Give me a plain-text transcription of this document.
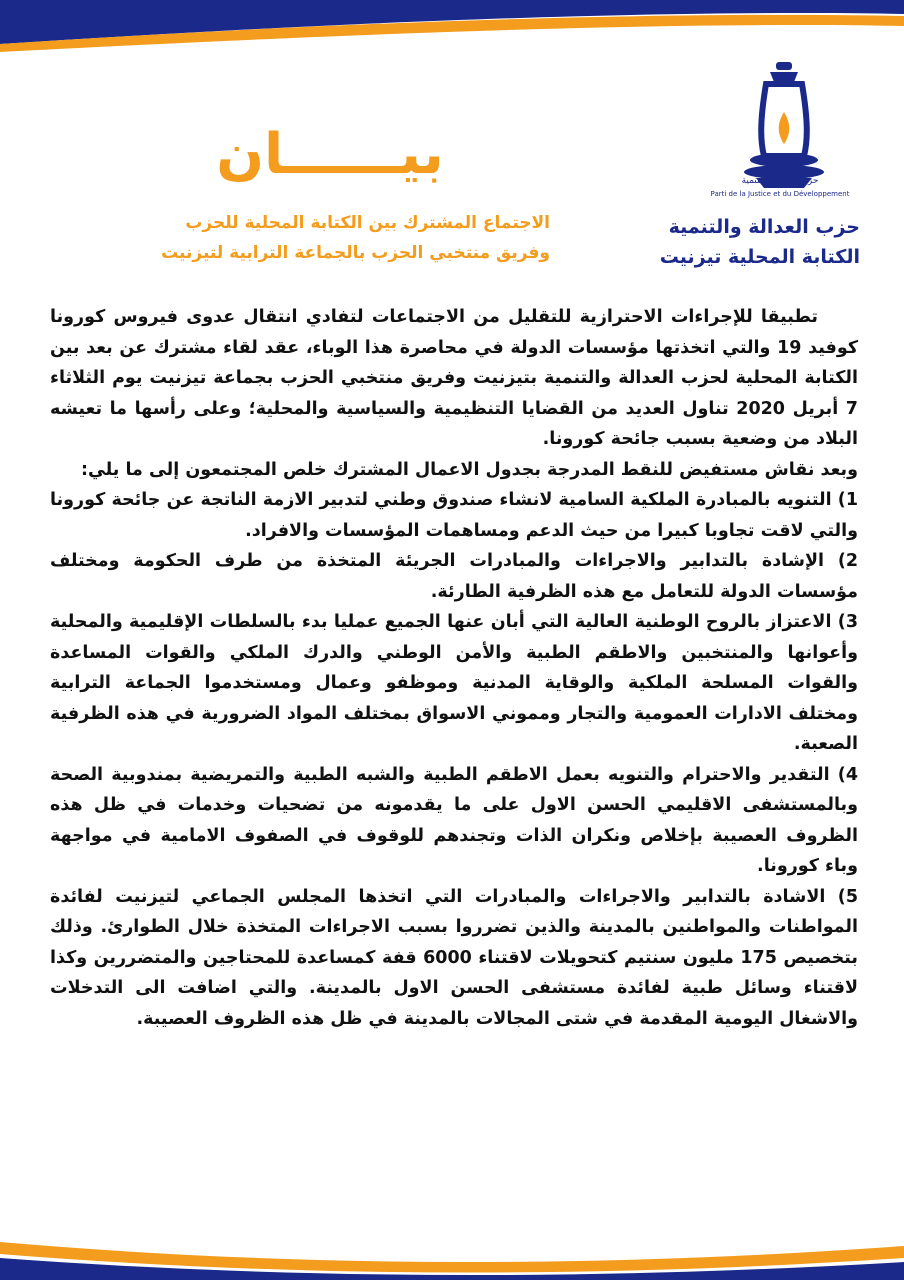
حزب العدالة والتنمية
Parti de la Justice et du Développement
حزب العدالة والتنمية
الكتابة المحلية تيزنيت
بيــــــان
الاجتماع المشترك بين الكتابة المحلية للحزب
وفريق منتخبي الحزب بالجماعة الترابية لتيزنيت

تطبيقا للإجراءات الاحترازية للتقليل من الاجتماعات لتفادي انتقال عدوى فيروس كورونا كوفيد 19 والتي اتخذتها مؤسسات الدولة في محاصرة هذا الوباء، عقد لقاء مشترك عن بعد بين الكتابة المحلية لحزب العدالة والتنمية بتيزنيت وفريق منتخبي الحزب بجماعة تيزنيت يوم الثلاثاء 7 أبريل 2020 تناول العديد من القضايا التنظيمية والسياسية والمحلية؛ وعلى رأسها ما تعيشه البلاد من وضعية بسبب جائحة كورونا.

وبعد نقاش مستفيض للنقط المدرجة بجدول الاعمال المشترك خلص المجتمعون إلى ما يلي:

1) التنويه بالمبادرة الملكية السامية لانشاء صندوق وطني لتدبير الازمة الناتجة عن جائحة كورونا والتي لاقت تجاوبا كبيرا من حيث الدعم ومساهمات المؤسسات والافراد.

2) الإشادة بالتدابير والاجراءات والمبادرات الجريئة المتخذة من طرف الحكومة ومختلف مؤسسات الدولة للتعامل مع هذه الظرفية الطارئة.

3) الاعتزاز بالروح الوطنية العالية التي أبان عنها الجميع عمليا بدء بالسلطات الإقليمية والمحلية وأعوانها والمنتخبين والاطقم الطبية والأمن الوطني والدرك الملكي والقوات المساعدة والقوات المسلحة الملكية والوقاية المدنية وموظفو وعمال ومستخدموا الجماعة الترابية ومختلف الادارات العمومية والتجار ومموني الاسواق بمختلف المواد الضرورية في هذه الظرفية الصعبة.

4) التقدير والاحترام والتنويه بعمل الاطقم الطبية والشبه الطبية والتمريضية بمندوبية الصحة وبالمستشفى الاقليمي الحسن الاول على ما يقدمونه من تضحيات وخدمات في ظل هذه الظروف العصيبة بإخلاص ونكران الذات وتجندهم للوقوف في الصفوف الامامية في مواجهة وباء كورونا.

5) الاشادة بالتدابير والاجراءات والمبادرات التي اتخذها المجلس الجماعي لتيزنيت لفائدة المواطنات والمواطنين بالمدينة والذين تضرروا بسبب الاجراءات المتخذة خلال الطوارئ. وذلك بتخصيص 175 مليون سنتيم كتحويلات لاقتناء 6000 قفة كمساعدة للمحتاجين والمتضررين وكذا لاقتناء وسائل طبية لفائدة مستشفى الحسن الاول بالمدينة. والتي اضافت الى التدخلات والاشغال اليومية المقدمة في شتى المجالات بالمدينة في ظل هذه الظروف العصيبة.
